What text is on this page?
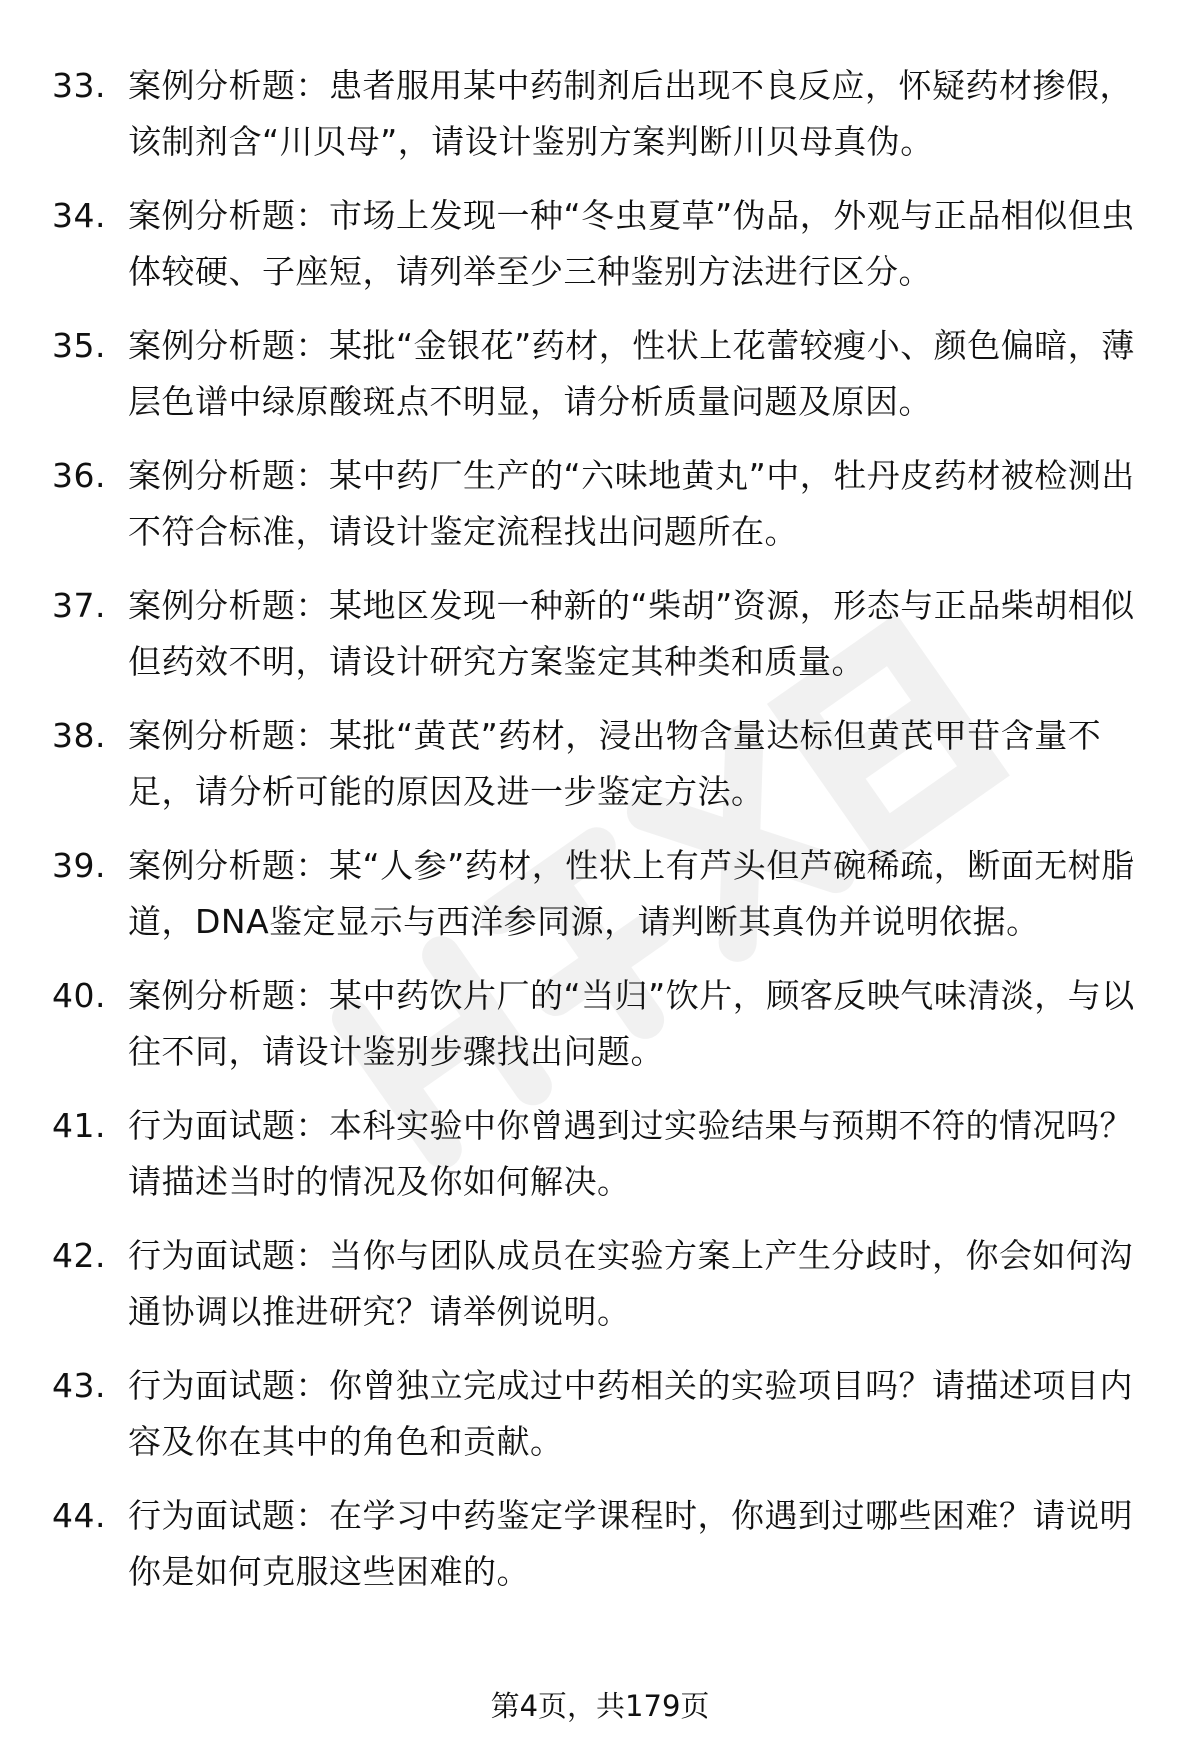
33. 案例分析题：患者服用某中药制剂后出现不良反应，怀疑药材掺假，该制剂含“川贝母”，请设计鉴别方案判断川贝母真伪。
34. 案例分析题：市场上发现一种“冬虫夏草”伪品，外观与正品相似但虫体较硬、子座短，请列举至少三种鉴别方法进行区分。
35. 案例分析题：某批“金银花”药材，性状上花蕾较瘦小、颜色偏暗，薄层色谱中绿原酸斑点不明显，请分析质量问题及原因。
36. 案例分析题：某中药厂生产的“六味地黄丸”中，牡丹皮药材被检测出不符合标准，请设计鉴定流程找出问题所在。
37. 案例分析题：某地区发现一种新的“柴胡”资源，形态与正品柴胡相似但药效不明，请设计研究方案鉴定其种类和质量。
38. 案例分析题：某批“黄芪”药材，浸出物含量达标但黄芪甲苷含量不足，请分析可能的原因及进一步鉴定方法。
39. 案例分析题：某“人参”药材，性状上有芦头但芦碗稀疏，断面无树脂道，DNA鉴定显示与西洋参同源，请判断其真伪并说明依据。
40. 案例分析题：某中药饮片厂的“当归”饮片，顾客反映气味清淡，与以往不同，请设计鉴别步骤找出问题。
41. 行为面试题：本科实验中你曾遇到过实验结果与预期不符的情况吗？请描述当时的情况及你如何解决。
42. 行为面试题：当你与团队成员在实验方案上产生分歧时，你会如何沟通协调以推进研究？请举例说明。
43. 行为面试题：你曾独立完成过中药相关的实验项目吗？请描述项目内容及你在其中的角色和贡献。
44. 行为面试题：在学习中药鉴定学课程时，你遇到过哪些困难？请说明你是如何克服这些困难的。
第4页，共179页
